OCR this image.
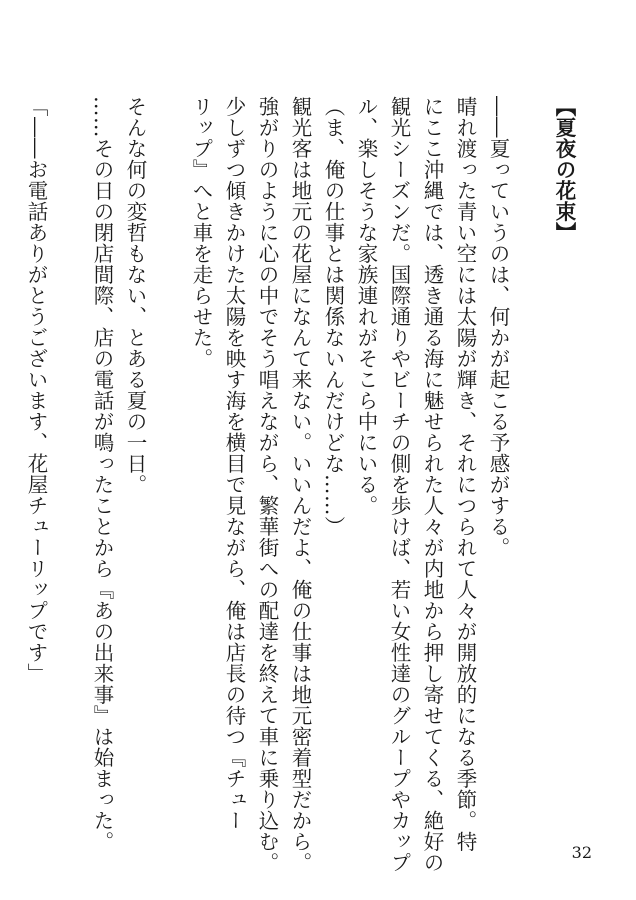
【夏夜の花束】

――夏っていうのは、何かが起こる予感がする。

晴れ渡った青い空には太陽が輝き、それにつられて人々が開放的になる季節。特

にここ沖縄では、透き通る海に魅せられた人々が内地から押し寄せてくる、絶好の

観光シーズンだ。国際通りやビーチの側を歩けば、若い女性達のグループやカップ

ル、楽しそうな家族連れがそこら中にいる。

（ま、俺の仕事とは関係ないんだけどな……）

観光客は地元の花屋になんて来ない。いいんだよ、俺の仕事は地元密着型だから。

強がりのように心の中でそう唱えながら、繁華街への配達を終えて車に乗り込む。

少しずつ傾きかけた太陽を映す海を横目で見ながら、俺は店長の待つ『チュー

リップ』へと車を走らせた。

そんな何の変哲もない、とある夏の一日。

……その日の閉店間際、店の電話が鳴ったことから『あの出来事』は始まった。

「――お電話ありがとうございます、花屋チューリップです」

32
